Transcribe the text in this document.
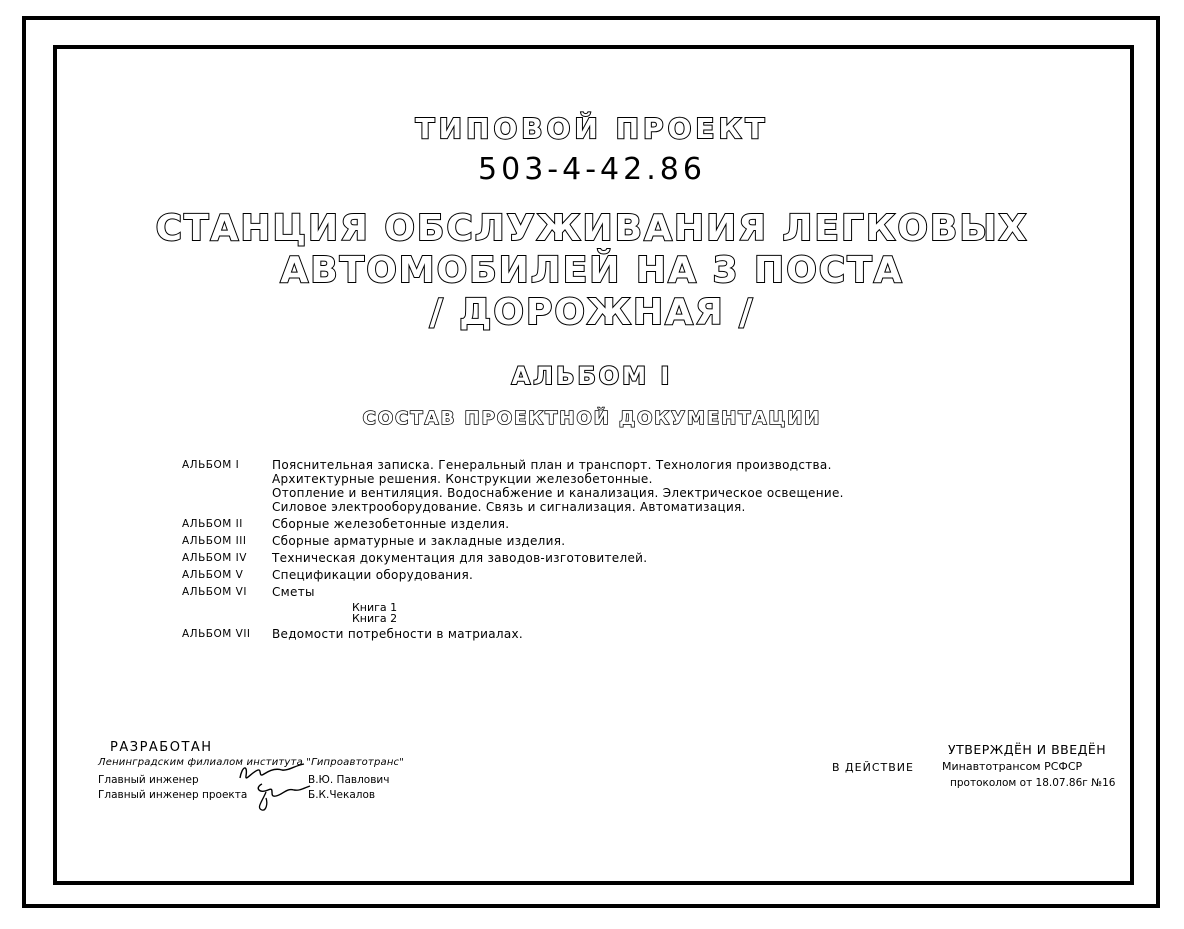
ТИПОВОЙ ПРОЕКТ
503-4-42.86
СТАНЦИЯ ОБСЛУЖИВАНИЯ ЛЕГКОВЫХ
АВТОМОБИЛЕЙ НА 3 ПОСТА
/ ДОРОЖНАЯ /
АЛЬБОМ I
СОСТАВ ПРОЕКТНОЙ ДОКУМЕНТАЦИИ
АЛЬБОМ I	Пояснительная записка. Генеральный план и транспорт. Технология производства.
Архитектурные решения. Конструкции железобетонные.
Отопление и вентиляция. Водоснабжение и канализация. Электрическое освещение.
Силовое электрооборудование. Связь и сигнализация. Автоматизация.
АЛЬБОМ II	Сборные железобетонные изделия.
АЛЬБОМ III	Сборные арматурные и закладные изделия.
АЛЬБОМ IV	Техническая документация для заводов-изготовителей.
АЛЬБОМ V	Спецификации оборудования.
АЛЬБОМ VI	Сметы
Книга 1
Книга 2
АЛЬБОМ VII	Ведомости потребности в матриалах.
РАЗРАБОТАН
Ленинградским филиалом института "Гипроавтотранс"
Главный инженер	В.Ю. Павлович
Главный инженер проекта	Б.К.Чекалов
В ДЕЙСТВИЕ
УТВЕРЖДЁН И ВВЕДЁН
Минавтотрансом РСФСР
протоколом от 18.07.86г №16
